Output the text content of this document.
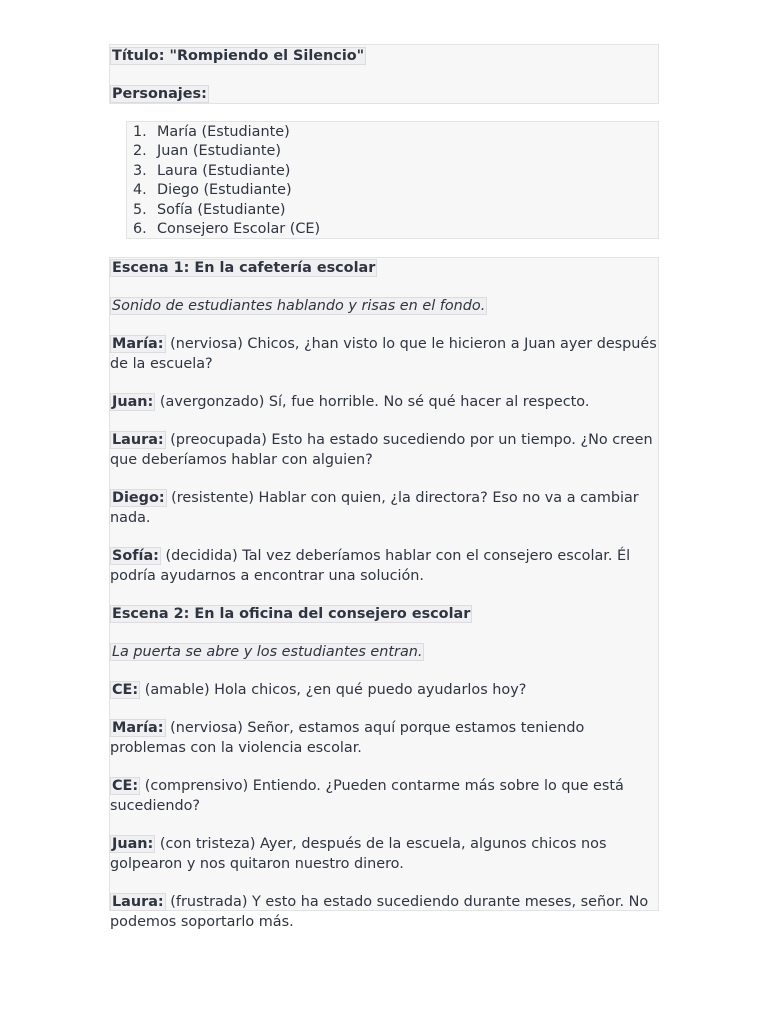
Título: "Rompiendo el Silencio"
Personajes:
1. María (Estudiante)
2. Juan (Estudiante)
3. Laura (Estudiante)
4. Diego (Estudiante)
5. Sofía (Estudiante)
6. Consejero Escolar (CE)

Escena 1: En la cafetería escolar

Sonido de estudiantes hablando y risas en el fondo.

María: (nerviosa) Chicos, ¿han visto lo que le hicieron a Juan ayer después de la escuela?

Juan: (avergonzado) Sí, fue horrible. No sé qué hacer al respecto.

Laura: (preocupada) Esto ha estado sucediendo por un tiempo. ¿No creen que deberíamos hablar con alguien?

Diego: (resistente) Hablar con quien, ¿la directora? Eso no va a cambiar nada.

Sofía: (decidida) Tal vez deberíamos hablar con el consejero escolar. Él podría ayudarnos a encontrar una solución.

Escena 2: En la oficina del consejero escolar

La puerta se abre y los estudiantes entran.

CE: (amable) Hola chicos, ¿en qué puedo ayudarlos hoy?

María: (nerviosa) Señor, estamos aquí porque estamos teniendo problemas con la violencia escolar.

CE: (comprensivo) Entiendo. ¿Pueden contarme más sobre lo que está sucediendo?

Juan: (con tristeza) Ayer, después de la escuela, algunos chicos nos golpearon y nos quitaron nuestro dinero.

Laura: (frustrada) Y esto ha estado sucediendo durante meses, señor. No podemos soportarlo más.
